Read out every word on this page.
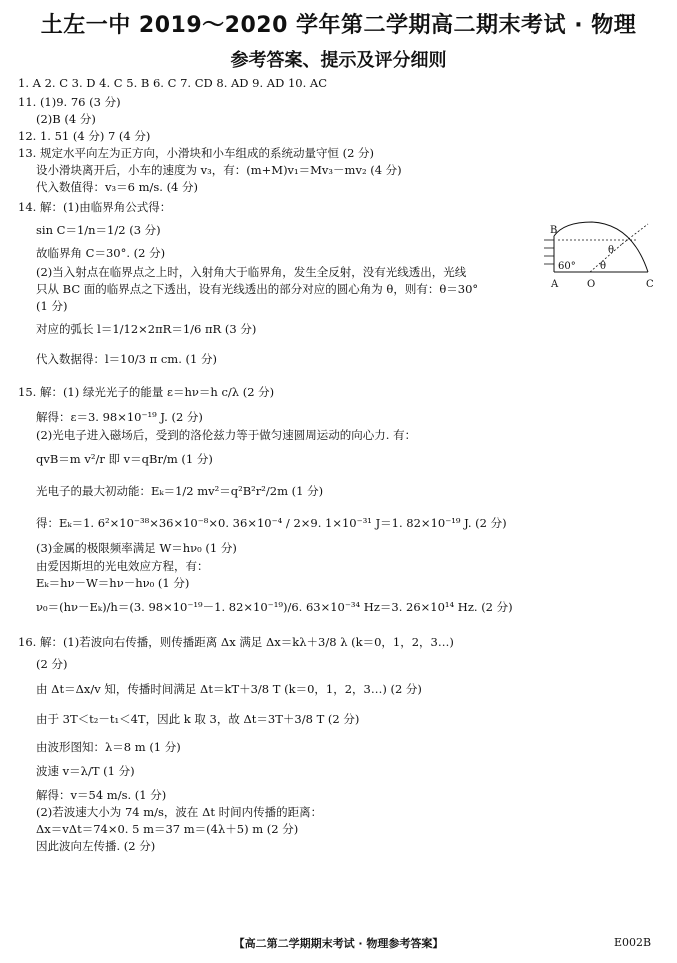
土左一中 2019～2020 学年第二学期高二期末考试 · 物理
参考答案、提示及评分细则
1. A 2. C 3. D 4. C 5. B 6. C 7. CD 8. AD 9. AD 10. AC
11. (1)9. 76 (3 分)
(2)B (4 分)
12. 1. 51 (4 分) 7 (4 分)
13. 规定水平向左为正方向，小滑块和小车组成的系统动量守恒 (2 分)
设小滑块离开后，小车的速度为 v₃，有：(m+M)v₁＝Mv₃－mv₂ (4 分)
代入数值得：v₃＝6 m/s. (4 分)
14. 解：(1)由临界角公式得：
sin C＝1/n＝1/2 (3 分)
故临界角 C＝30°. (2 分)
(2)当入射点在临界点之上时，入射角大于临界角，发生全反射，没有光线透出，光线
只从 BC 面的临界点之下透出，设有光线透出的部分对应的圆心角为 θ，则有：θ＝30°
(1 分)
对应的弧长 l＝1/12×2πR＝1/6 πR (3 分)
代入数据得：l＝10/3 π cm. (1 分)
15. 解：(1) 绿光光子的能量 ε＝hν＝h c/λ (2 分)
解得：ε＝3. 98×10⁻¹⁹ J. (2 分)
(2)光电子进入磁场后，受到的洛伦兹力等于做匀速圆周运动的向心力. 有：
qvB＝m v²/r 即 v＝qBr/m (1 分)
光电子的最大初动能：Eₖ＝1/2 mv²＝q²B²r²/2m (1 分)
得：Eₖ＝1. 6²×10⁻³⁸×36×10⁻⁸×0. 36×10⁻⁴ / 2×9. 1×10⁻³¹ J＝1. 82×10⁻¹⁹ J. (2 分)
(3)金属的极限频率满足 W＝hν₀ (1 分)
由爱因斯坦的光电效应方程，有：
Eₖ＝hν－W＝hν－hν₀ (1 分)
ν₀＝(hν－Eₖ)/h＝(3. 98×10⁻¹⁹－1. 82×10⁻¹⁹)/6. 63×10⁻³⁴ Hz＝3. 26×10¹⁴ Hz. (2 分)
16. 解：(1)若波向右传播，则传播距离 Δx 满足 Δx＝kλ＋3/8 λ (k＝0，1，2，3…)
(2 分)
由 Δt＝Δx/v 知，传播时间满足 Δt＝kT＋3/8 T (k＝0，1，2，3…) (2 分)
由于 3T＜t₂－t₁＜4T，因此 k 取 3，故 Δt＝3T＋3/8 T (2 分)
由波形图知：λ＝8 m (1 分)
波速 v＝λ/T (1 分)
解得：v＝54 m/s. (1 分)
(2)若波速大小为 74 m/s，波在 Δt 时间内传播的距离：
Δx＝vΔt＝74×0. 5 m＝37 m＝(4λ＋5) m (2 分)
因此波向左传播. (2 分)
B
A	O	C
θ
θ
60°
【高二第二学期期末考试 · 物理参考答案】	E002B
